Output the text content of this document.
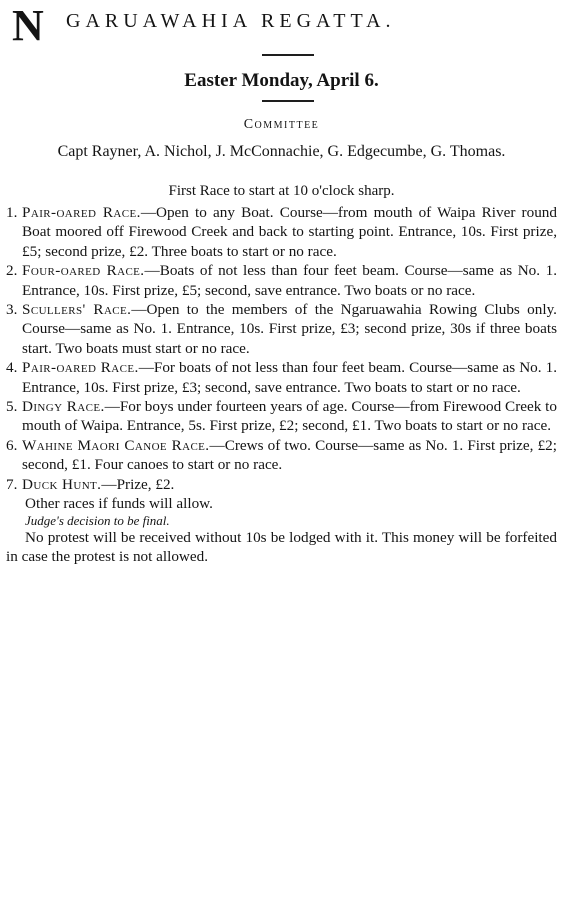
N GARUAWAHIA REGATTA.
Easter Monday, April 6.
Committee
Capt Rayner, A. Nichol, J. McConnachie, G. Edgecumbe, G. Thomas.
First Race to start at 10 o'clock sharp.
1. Pair-oared Race.—Open to any Boat. Course—from mouth of Waipa River round Boat moored off Firewood Creek and back to starting point. Entrance, 10s. First prize, £5; second prize, £2. Three boats to start or no race.
2. Four-oared Race.—Boats of not less than four feet beam. Course—same as No. 1. Entrance, 10s. First prize, £5; second, save entrance. Two boats or no race.
3. Scullers' Race.—Open to the members of the Ngaruawahia Rowing Clubs only. Course—same as No. 1. Entrance, 10s. First prize, £3; second prize, 30s if three boats start. Two boats must start or no race.
4. Pair-oared Race.—For boats of not less than four feet beam. Course—same as No. 1. Entrance, 10s. First prize, £3; second, save entrance. Two boats to start or no race.
5. Dingy Race.—For boys under fourteen years of age. Course—from Firewood Creek to mouth of Waipa. Entrance, 5s. First prize, £2; second, £1. Two boats to start or no race.
6. Wahine Maori Canoe Race.—Crews of two. Course—same as No. 1. First prize, £2; second, £1. Four canoes to start or no race.
7. Duck Hunt.—Prize, £2.
Other races if funds will allow.
Judge's decision to be final.
No protest will be received without 10s be lodged with it. This money will be forfeited in case the protest is not allowed.
